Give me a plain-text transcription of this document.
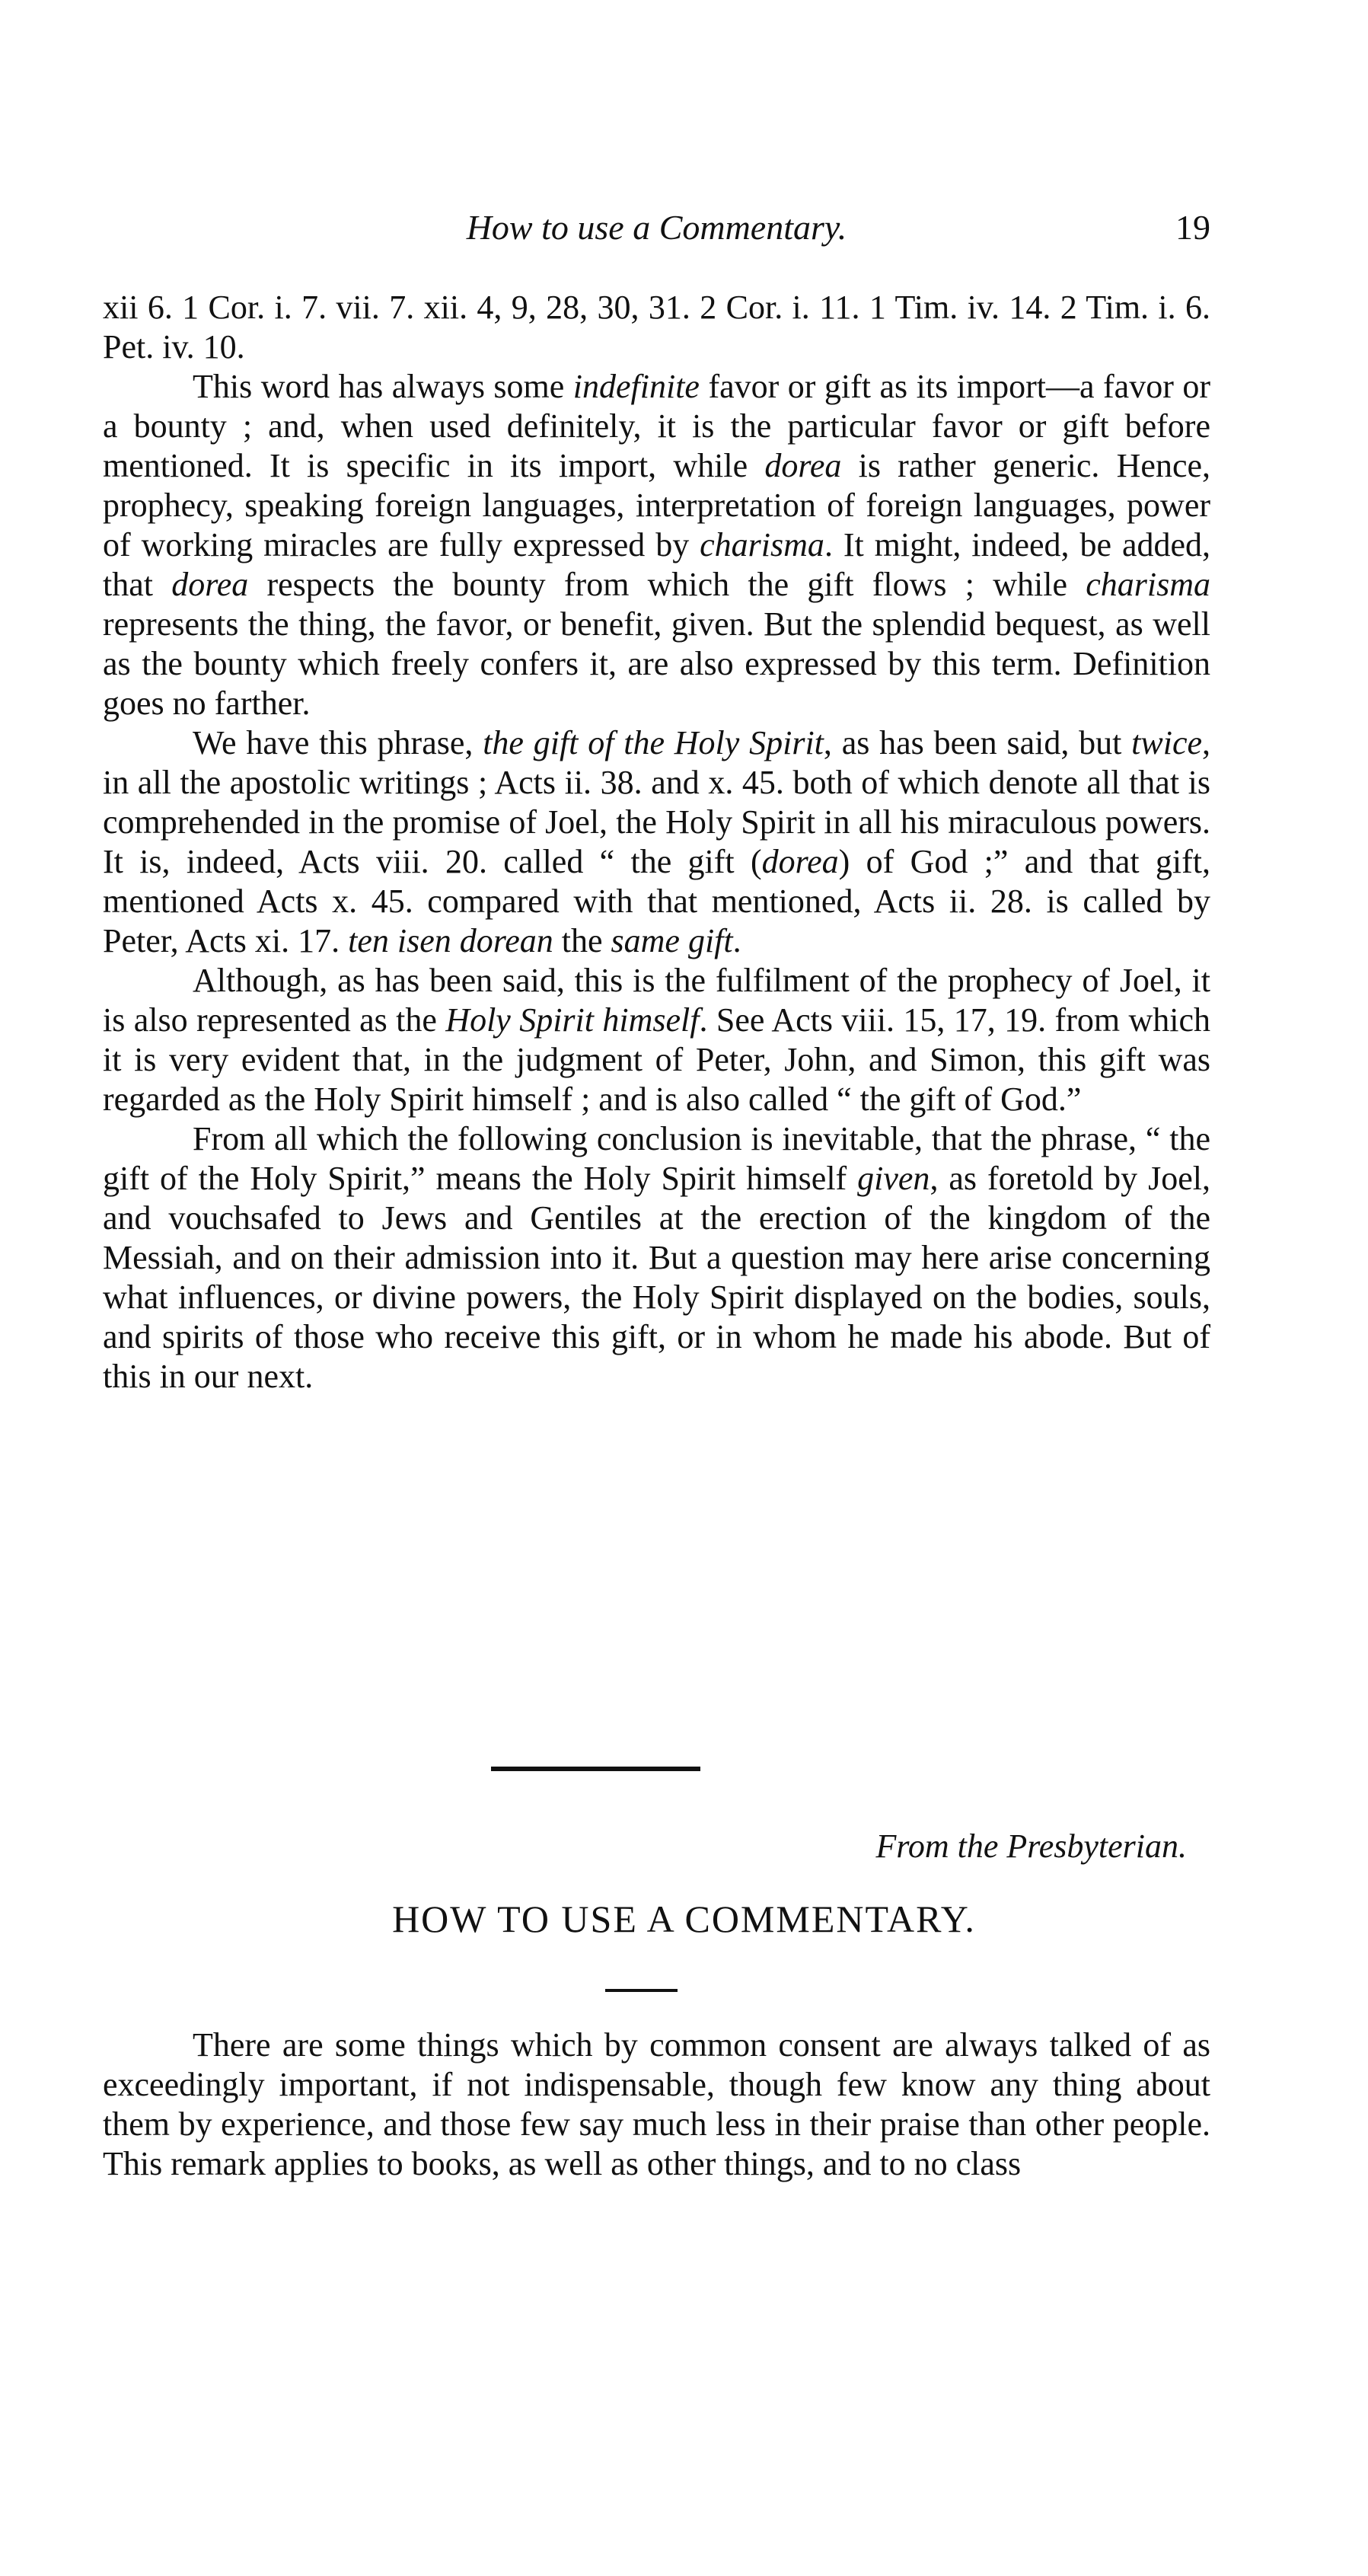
How to use a Commentary.	19

xii 6. 1 Cor. i. 7. vii. 7. xii. 4, 9, 28, 30, 31. 2 Cor. i. 11. 1 Tim. iv. 14. 2 Tim. i. 6. Pet. iv. 10.

This word has always some indefinite favor or gift as its import—a favor or a bounty ; and, when used definitely, it is the particular favor or gift before mentioned. It is specific in its import, while dorea is rather generic. Hence, prophecy, speaking foreign languages, interpretation of foreign languages, power of working miracles are fully expressed by charisma. It might, indeed, be added, that dorea respects the bounty from which the gift flows ; while charisma represents the thing, the favor, or benefit, given. But the splendid bequest, as well as the bounty which freely confers it, are also expressed by this term. Definition goes no farther.

We have this phrase, the gift of the Holy Spirit, as has been said, but twice, in all the apostolic writings ; Acts ii. 38. and x. 45. both of which denote all that is comprehended in the promise of Joel, the Holy Spirit in all his miraculous powers. It is, indeed, Acts viii. 20. called “ the gift (dorea) of God ;” and that gift, mentioned Acts x. 45. compared with that mentioned, Acts ii. 28. is called by Peter, Acts xi. 17. ten isen dorean the same gift.

Although, as has been said, this is the fulfilment of the prophecy of Joel, it is also represented as the Holy Spirit himself. See Acts viii. 15, 17, 19. from which it is very evident that, in the judgment of Peter, John, and Simon, this gift was regarded as the Holy Spirit himself ; and is also called “ the gift of God.”

From all which the following conclusion is inevitable, that the phrase, “ the gift of the Holy Spirit,” means the Holy Spirit himself given, as foretold by Joel, and vouchsafed to Jews and Gentiles at the erection of the kingdom of the Messiah, and on their admission into it. But a question may here arise concerning what influences, or divine powers, the Holy Spirit displayed on the bodies, souls, and spirits of those who receive this gift, or in whom he made his abode. But of this in our next.

From the Presbyterian.
HOW TO USE A COMMENTARY.

There are some things which by common consent are always talked of as exceedingly important, if not indispensable, though few know any thing about them by experience, and those few say much less in their praise than other people. This remark applies to books, as well as other things, and to no class
